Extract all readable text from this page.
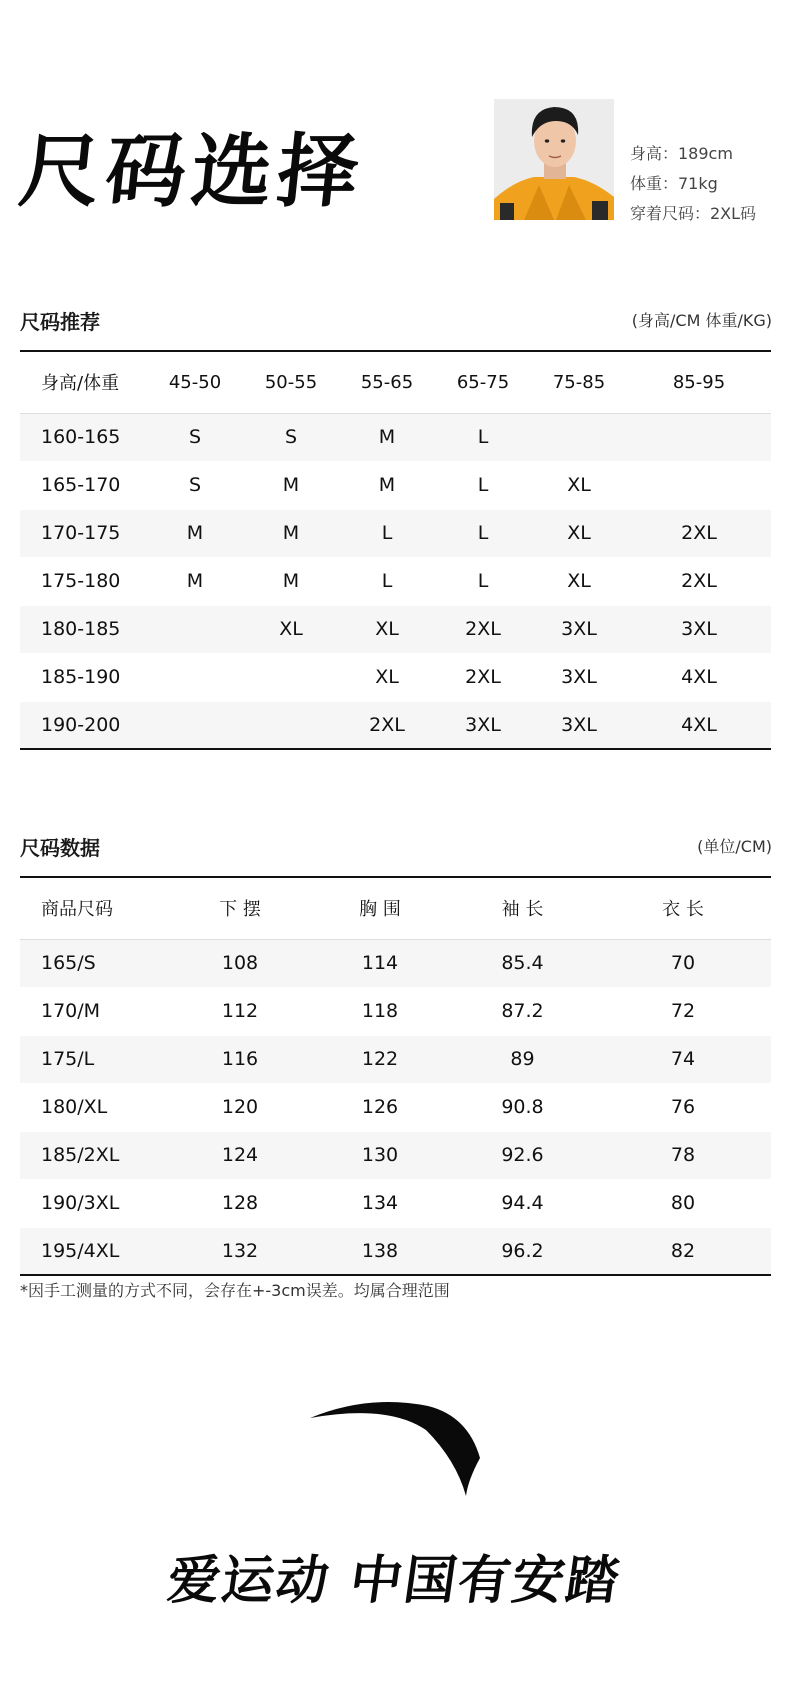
尺码选择	身高：189cm
体重：71kg
穿着尺码：2XL码
尺码推荐	(身高/CM 体重/KG)
身高/体重	45-50	50-55	55-65	65-75	75-85	85-95
160-165	S	S	M	L		
165-170	S	M	M	L	XL	
170-175	M	M	L	L	XL	2XL
175-180	M	M	L	L	XL	2XL
180-185		XL	XL	2XL	3XL	3XL
185-190			XL	2XL	3XL	4XL
190-200			2XL	3XL	3XL	4XL
尺码数据	(单位/CM)
商品尺码	下 摆	胸 围	袖 长	衣 长
165/S	108	114	85.4	70
170/M	112	118	87.2	72
175/L	116	122	89	74
180/XL	120	126	90.8	76
185/2XL	124	130	92.6	78
190/3XL	128	134	94.4	80
195/4XL	132	138	96.2	82
*因手工测量的方式不同，会存在+-3cm误差。均属合理范围
爱运动 中国有安踏
